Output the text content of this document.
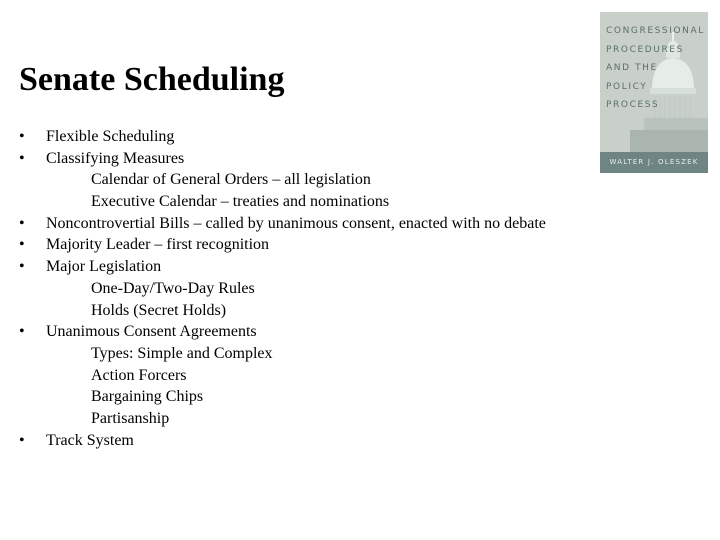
Senate Scheduling
• Flexible Scheduling
• Classifying Measures
Calendar of General Orders – all legislation
Executive Calendar – treaties and nominations
• Noncontrovertial Bills – called by unanimous consent, enacted with no debate
• Majority Leader – first recognition
• Major Legislation
One-Day/Two-Day Rules
Holds (Secret Holds)
• Unanimous Consent Agreements
Types: Simple and Complex
Action Forcers
Bargaining Chips
Partisanship
• Track System
CONGRESSIONAL
PROCEDURES
AND THE
POLICY
PROCESS
WALTER J. OLESZEK
